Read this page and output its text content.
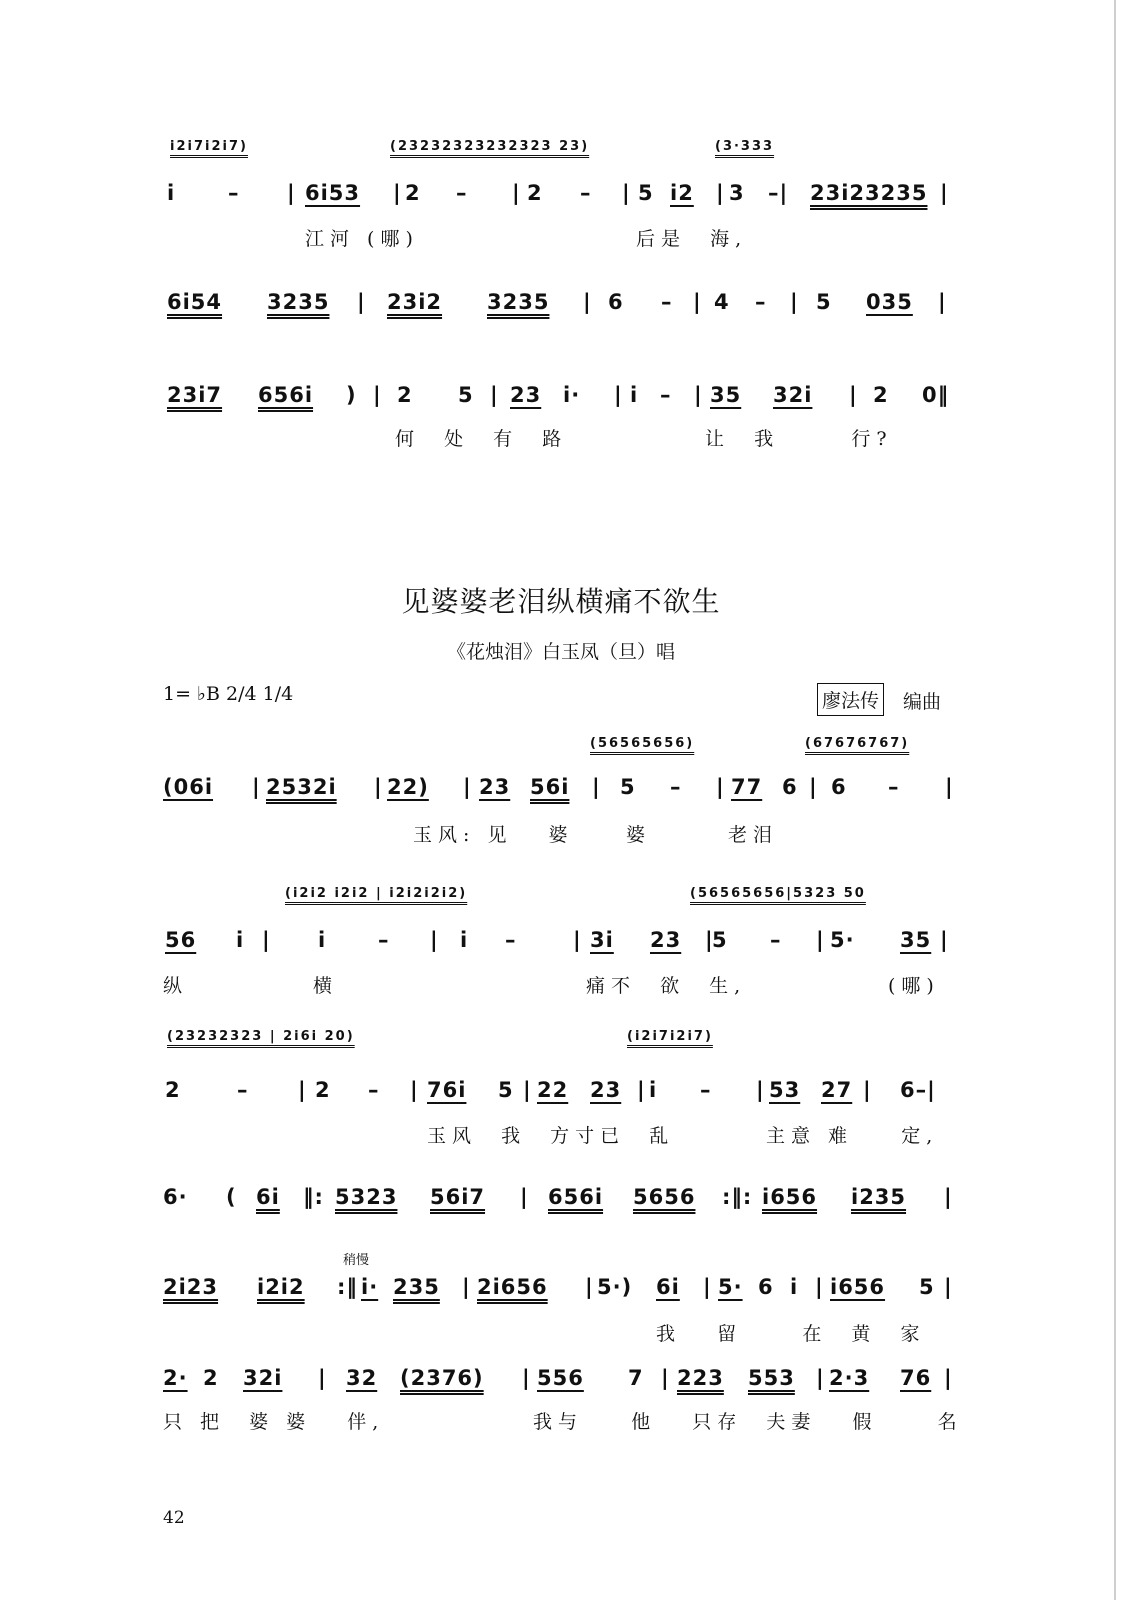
i2i7i2i7)	(23232323232323 23)	(3·333
i	– | 6i53 | 2 – | 2 – | 5 i2 | 3 –| 23i23235 |
江河 (哪)	后是  海,
6i54 3235 | 23i2 3235 | 6 – | 4 – | 5 035 |
23i7 656i ) | 2 5 | 23 i· | i – | 35 32i | 2 0‖
何  处  有  路	让  我      行?
见婆婆老泪纵横痛不欲生
《花烛泪》白玉凤（旦）唱
1= ♭B 2/4 1/4	廖法传 编曲
(56565656)	(67676767)
(06i | 2532i | 22) | 23 56i | 5 – | 77 6 | 6 – |
玉风: 见   婆	婆	老泪
(i2i2 i2i2 | i2i2i2i2)	(56565656|5323 50
56 i | i – | i –	| 3i 23 |
5 – | 5· 35 |
纵	横	痛不  欲  生,	(哪)
(23232323 | 2i6i 20)	(i2i7i2i7)
2	– | 2 – | 76i 5 | 22 23 | i – | 53 27 | 6–|
玉风  我  方寸已  乱	主意 难    定,
6· ( 6i ‖: 5323 56i7 | 656i 5656 :‖: i656 i235 |
2i23 i2i2 :‖ i· 235 | 2i656 | 5·) 6i | 5· 6 i | i656 5 |
我   留     在  黄  家
稍慢
2· 2 32i | 32 (2376) | 556 7 | 223 553 | 2·3 76 |
只 把  婆 婆   伴,	我与    他   只存  夫妻   假     名
42
